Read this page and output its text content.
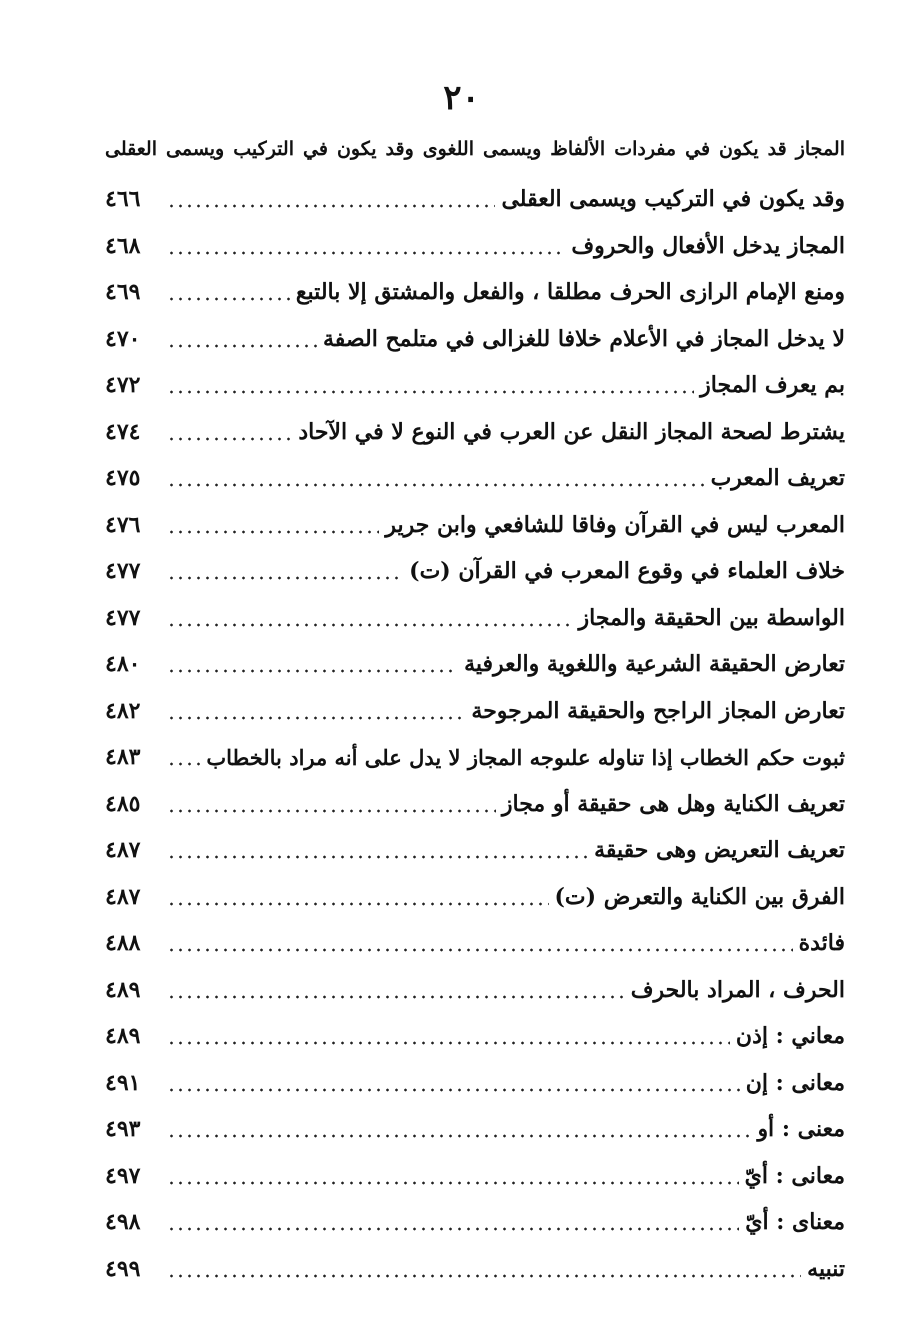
٢٠
المجاز قد يكون في مفردات الألفاظ ويسمى اللغوى وقد يكون في التركيب ويسمى العقلى
وقد يكون في التركيب ويسمى العقلى
٤٦٦
المجاز يدخل الأفعال والحروف
٤٦٨
ومنع الإمام الرازى الحرف مطلقا ، والفعل والمشتق إلا بالتبع
٤٦٩
لا يدخل المجاز في الأعلام خلافا للغزالى في متلمح الصفة
٤٧٠
بم يعرف المجاز
٤٧٢
يشترط لصحة المجاز النقل عن العرب في النوع لا في الآحاد
٤٧٤
تعريف المعرب
٤٧٥
المعرب ليس في القرآن وفاقا للشافعي وابن جرير
٤٧٦
خلاف العلماء في وقوع المعرب في القرآن (ت)
٤٧٧
الواسطة بين الحقيقة والمجاز
٤٧٧
تعارض الحقيقة الشرعية واللغوية والعرفية
٤٨٠
تعارض المجاز الراجح والحقيقة المرجوحة
٤٨٢
ثبوت حكم الخطاب إذا تناوله علىوجه المجاز لا يدل على أنه مراد بالخطاب
٤٨٣
تعريف الكناية وهل هى حقيقة أو مجاز
٤٨٥
تعريف التعريض وهى حقيقة
٤٨٧
الفرق بين الكناية والتعرض (ت)
٤٨٧
فائدة
٤٨٨
الحرف ، المراد بالحرف
٤٨٩
معاني : إذن
٤٨٩
معانى : إن
٤٩١
معنى : أو
٤٩٣
معانى : أيّ
٤٩٧
معناى : أيّ
٤٩٨
تنبيه
٤٩٩
